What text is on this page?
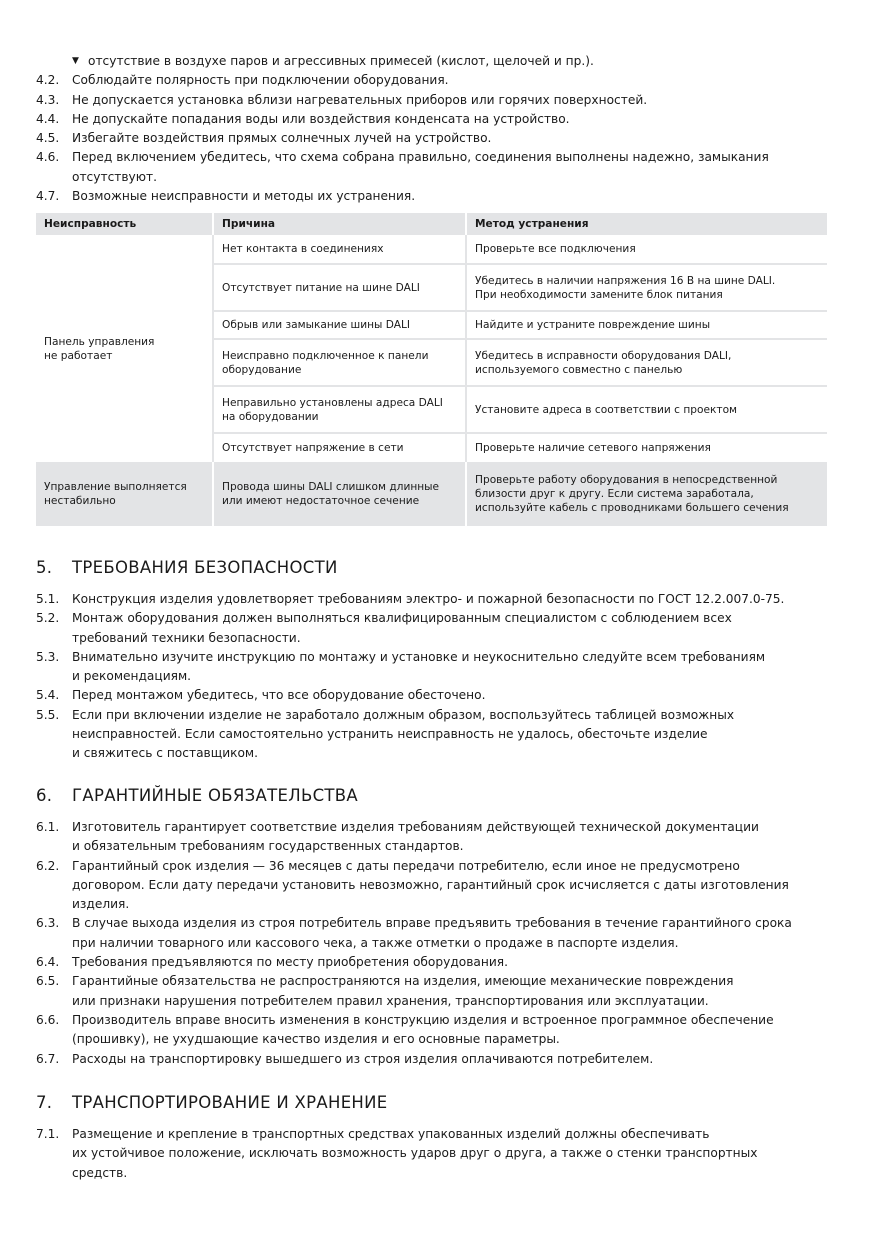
▼ отсутствие в воздухе паров и агрессивных примесей (кислот, щелочей и пр.).
4.2.	Соблюдайте полярность при подключении оборудования.
4.3.	Не допускается установка вблизи нагревательных приборов или горячих поверхностей.
4.4.	Не допускайте попадания воды или воздействия конденсата на устройство.
4.5.	Избегайте воздействия прямых солнечных лучей на устройство.
4.6.	Перед включением убедитесь, что схема собрана правильно, соединения выполнены надежно, замыкания
отсутствуют.
4.7.	Возможные неисправности и методы их устранения.
Неисправность	Причина	Метод устранения
Панель управления
не работает	Нет контакта в соединениях	Проверьте все подключения
	Отсутствует питание на шине DALI	Убедитесь в наличии напряжения 16 В на шине DALI.
При необходимости замените блок питания
	Обрыв или замыкание шины DALI	Найдите и устраните повреждение шины
	Неисправно подключенное к панели
оборудование	Убедитесь в исправности оборудования DALI,
используемого совместно с панелью
	Неправильно установлены адреса DALI
на оборудовании	Установите адреса в соответствии с проектом
	Отсутствует напряжение в сети	Проверьте наличие сетевого напряжения
Управление выполняется
нестабильно	Провода шины DALI слишком длинные
или имеют недостаточное сечение	Проверьте работу оборудования в непосредственной
близости друг к другу. Если система заработала,
используйте кабель с проводниками большего сечения
5.	ТРЕБОВАНИЯ БЕЗОПАСНОСТИ
5.1.	Конструкция изделия удовлетворяет требованиям электро- и пожарной безопасности по ГОСТ 12.2.007.0-75.
5.2.	Монтаж оборудования должен выполняться квалифицированным специалистом с соблюдением всех
требований техники безопасности.
5.3.	Внимательно изучите инструкцию по монтажу и установке и неукоснительно следуйте всем требованиям
и рекомендациям.
5.4.	Перед монтажом убедитесь, что все оборудование обесточено.
5.5.	Если при включении изделие не заработало должным образом, воспользуйтесь таблицей возможных
неисправностей. Если самостоятельно устранить неисправность не удалось, обесточьте изделие
и свяжитесь с поставщиком.
6.	ГАРАНТИЙНЫЕ ОБЯЗАТЕЛЬСТВА
6.1.	Изготовитель гарантирует соответствие изделия требованиям действующей технической документации
и обязательным требованиям государственных стандартов.
6.2.	Гарантийный срок изделия — 36 месяцев с даты передачи потребителю, если иное не предусмотрено
договором. Если дату передачи установить невозможно, гарантийный срок исчисляется с даты изготовления
изделия.
6.3.	В случае выхода изделия из строя потребитель вправе предъявить требования в течение гарантийного срока
при наличии товарного или кассового чека, а также отметки о продаже в паспорте изделия.
6.4.	Требования предъявляются по месту приобретения оборудования.
6.5.	Гарантийные обязательства не распространяются на изделия, имеющие механические повреждения
или признаки нарушения потребителем правил хранения, транспортирования или эксплуатации.
6.6.	Производитель вправе вносить изменения в конструкцию изделия и встроенное программное обеспечение
(прошивку), не ухудшающие качество изделия и его основные параметры.
6.7.	Расходы на транспортировку вышедшего из строя изделия оплачиваются потребителем.
7.	ТРАНСПОРТИРОВАНИЕ И ХРАНЕНИЕ
7.1.	Размещение и крепление в транспортных средствах упакованных изделий должны обеспечивать
их устойчивое положение, исключать возможность ударов друг о друга, а также о стенки транспортных
средств.
